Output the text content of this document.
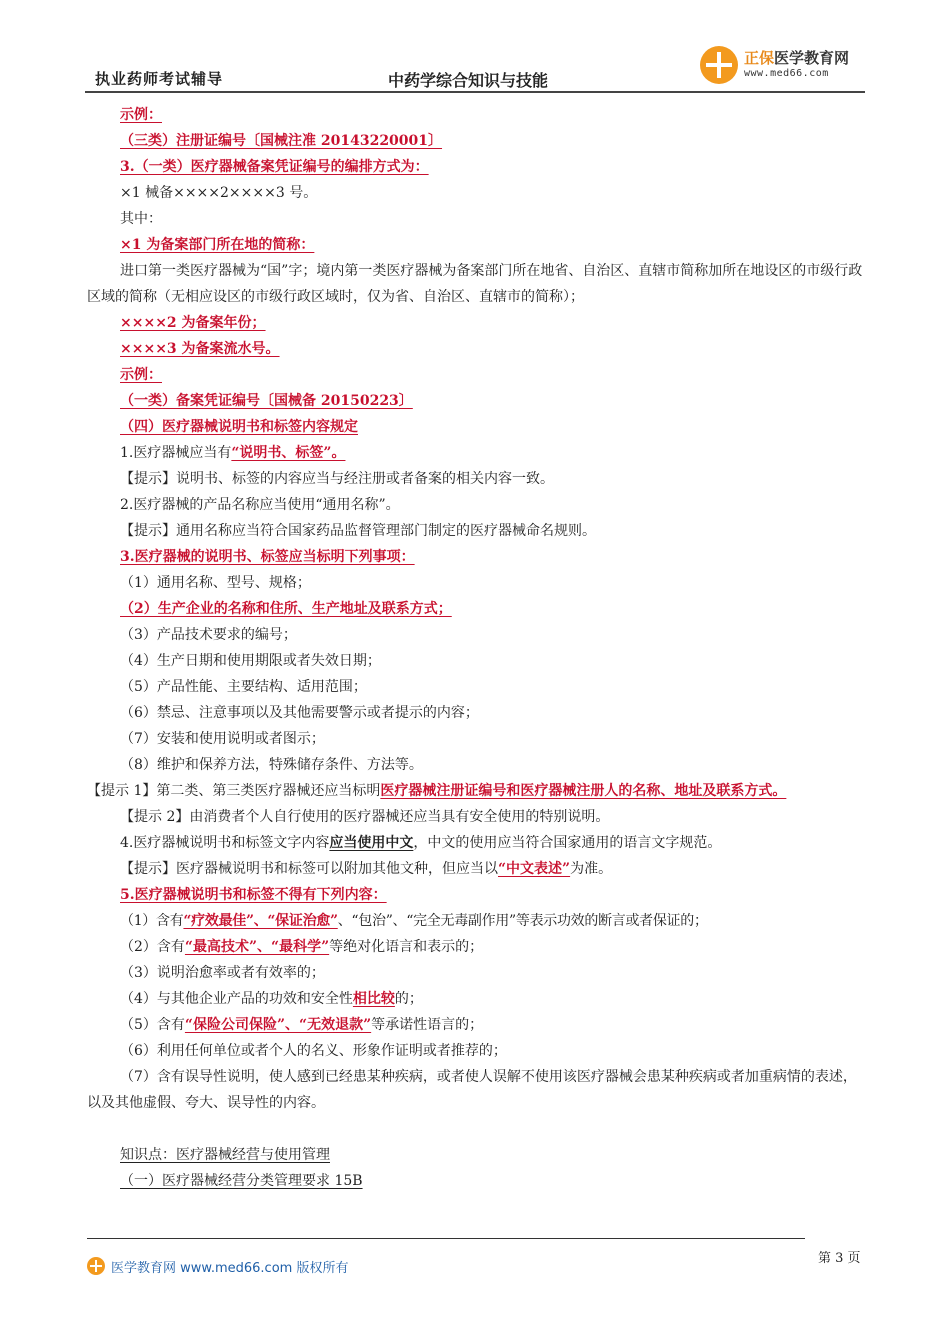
执业药师考试辅导	中药学综合知识与技能
正保医学教育网
www.med66.com
示例：
（三类）注册证编号〔国械注准 20143220001〕
3.（一类）医疗器械备案凭证编号的编排方式为：
×1 械备××××2××××3 号。
其中：
×1 为备案部门所在地的简称：
进口第一类医疗器械为“国”字；境内第一类医疗器械为备案部门所在地省、自治区、直辖市简称加所在地设区的市级行政区域的简称（无相应设区的市级行政区域时，仅为省、自治区、直辖市的简称）；
××××2 为备案年份；
××××3 为备案流水号。
示例：
（一类）备案凭证编号〔国械备 20150223〕
（四）医疗器械说明书和标签内容规定
1.医疗器械应当有“说明书、标签”。
【提示】说明书、标签的内容应当与经注册或者备案的相关内容一致。
2.医疗器械的产品名称应当使用“通用名称”。
【提示】通用名称应当符合国家药品监督管理部门制定的医疗器械命名规则。
3.医疗器械的说明书、标签应当标明下列事项：
（1）通用名称、型号、规格；
（2）生产企业的名称和住所、生产地址及联系方式；
（3）产品技术要求的编号；
（4）生产日期和使用期限或者失效日期；
（5）产品性能、主要结构、适用范围；
（6）禁忌、注意事项以及其他需要警示或者提示的内容；
（7）安装和使用说明或者图示；
（8）维护和保养方法，特殊储存条件、方法等。
【提示 1】第二类、第三类医疗器械还应当标明医疗器械注册证编号和医疗器械注册人的名称、地址及联系方式。
【提示 2】由消费者个人自行使用的医疗器械还应当具有安全使用的特别说明。
4.医疗器械说明书和标签文字内容应当使用中文，中文的使用应当符合国家通用的语言文字规范。
【提示】医疗器械说明书和标签可以附加其他文种，但应当以“中文表述”为准。
5.医疗器械说明书和标签不得有下列内容：
（1）含有“疗效最佳”、“保证治愈”、“包治”、“完全无毒副作用”等表示功效的断言或者保证的；
（2）含有“最高技术”、“最科学”等绝对化语言和表示的；
（3）说明治愈率或者有效率的；
（4）与其他企业产品的功效和安全性相比较的；
（5）含有“保险公司保险”、“无效退款”等承诺性语言的；
（6）利用任何单位或者个人的名义、形象作证明或者推荐的；
（7）含有误导性说明，使人感到已经患某种疾病，或者使人误解不使用该医疗器械会患某种疾病或者加重病情的表述，以及其他虚假、夸大、误导性的内容。
知识点：医疗器械经营与使用管理
（一）医疗器械经营分类管理要求 15B
医学教育网 www.med66.com 版权所有
第 3 页
